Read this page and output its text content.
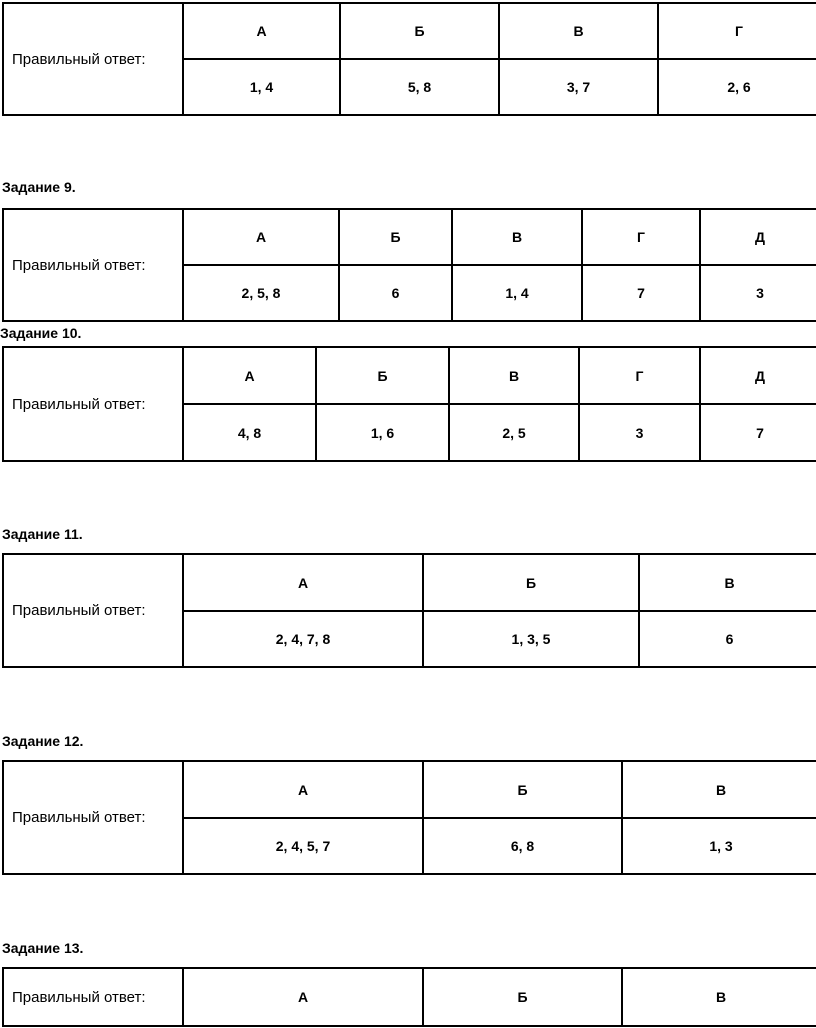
Правильный ответ:	А	Б	В	Г
	1, 4	5, 8	3, 7	2, 6
Задание 9.
Правильный ответ:	А	Б	В	Г	Д
	2, 5, 8	6	1, 4	7	3
Задание 10.
Правильный ответ:	А	Б	В	Г	Д
	4, 8	1, 6	2, 5	3	7
Задание 11.
Правильный ответ:	А	Б	В
	2, 4, 7, 8	1, 3, 5	6
Задание 12.
Правильный ответ:	А	Б	В
	2, 4, 5, 7	6, 8	1, 3
Задание 13.
Правильный ответ:	А	Б	В
